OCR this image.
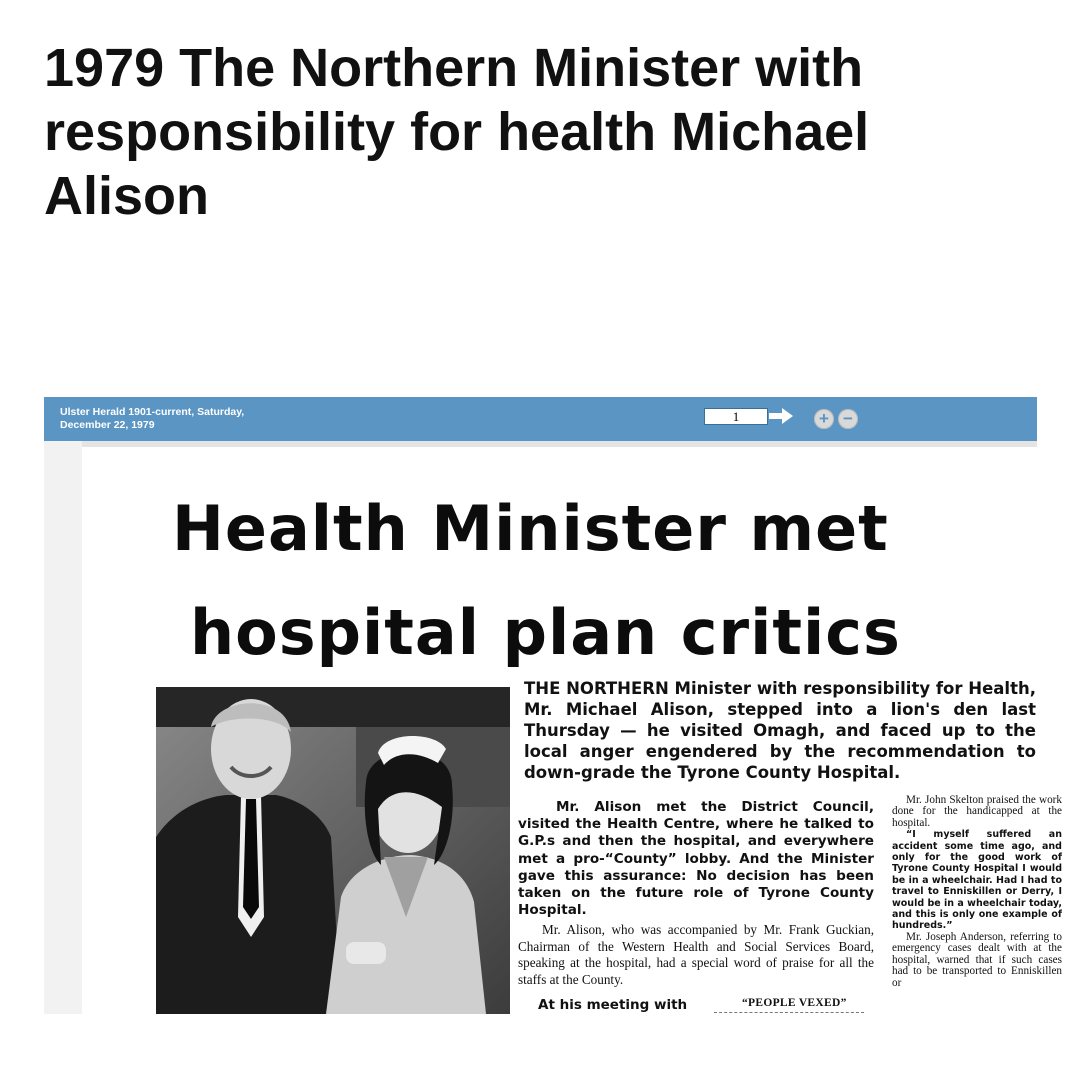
1979 The Northern Minister with responsibility for health Michael Alison
Ulster Herald 1901-current, Saturday,
December 22, 1979
1	+ −
Health Minister met
hospital plan critics

THE NORTHERN Minister with responsibility for Health, Mr. Michael Alison, stepped into a lion's den last Thursday — he visited Omagh, and faced up to the local anger engendered by the recommendation to down-grade the Tyrone County Hospital.

Mr. Alison met the District Council, visited the Health Centre, where he talked to G.P.s and then the hospital, and everywhere met a pro-“County” lobby. And the Minister gave this assurance: No decision has been taken on the future role of Tyrone County Hospital.

Mr. Alison, who was accompanied by Mr. Frank Guckian, Chairman of the Western Health and Social Services Board, speaking at the hospital, had a special word of praise for all the staffs at the County.

At his meeting with	“PEOPLE VEXED”

Mr. John Skelton praised the work done for the handicapped at the hospital.

“I myself suffered an accident some time ago, and only for the good work of Tyrone County Hospital I would be in a wheelchair. Had I had to travel to Enniskillen or Derry, I would be in a wheelchair today, and this is only one example of hundreds.”

Mr. Joseph Anderson, referring to emergency cases dealt with at the hospital, warned that if such cases had to be transported to Enniskillen or
